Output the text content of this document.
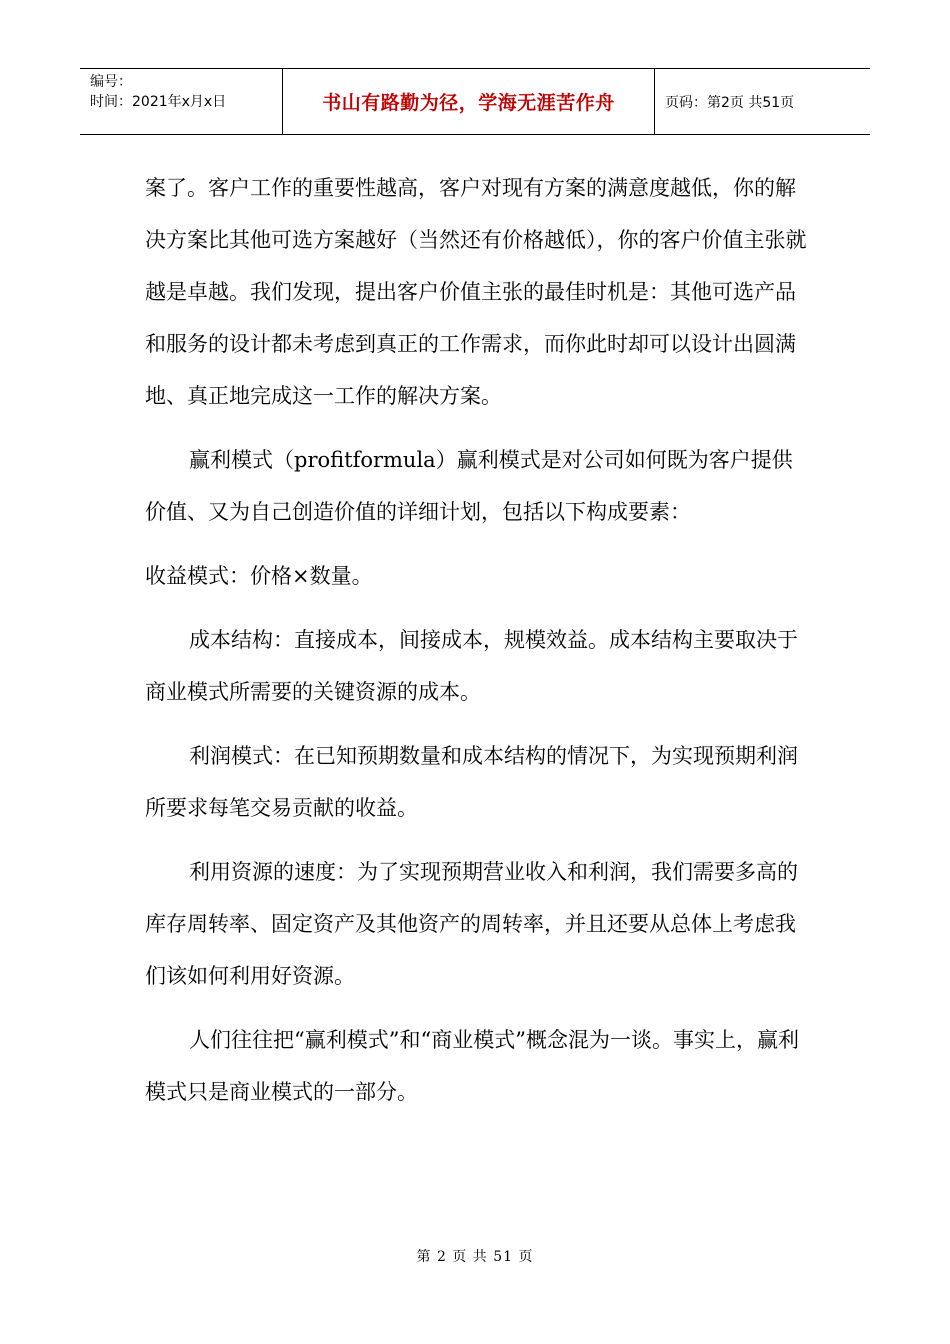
编号：
时间：2021年x月x日	书山有路勤为径，学海无涯苦作舟	页码：第2页 共51页

案了。客户工作的重要性越高，客户对现有方案的满意度越低，你的解决方案比其他可选方案越好（当然还有价格越低），你的客户价值主张就越是卓越。我们发现，提出客户价值主张的最佳时机是：其他可选产品和服务的设计都未考虑到真正的工作需求，而你此时却可以设计出圆满地、真正地完成这一工作的解决方案。

赢利模式（profitformula）赢利模式是对公司如何既为客户提供价值、又为自己创造价值的详细计划，包括以下构成要素：

收益模式：价格×数量。

成本结构：直接成本，间接成本，规模效益。成本结构主要取决于商业模式所需要的关键资源的成本。

利润模式：在已知预期数量和成本结构的情况下，为实现预期利润所要求每笔交易贡献的收益。

利用资源的速度：为了实现预期营业收入和利润，我们需要多高的库存周转率、固定资产及其他资产的周转率，并且还要从总体上考虑我们该如何利用好资源。

人们往往把“赢利模式”和“商业模式”概念混为一谈。事实上，赢利模式只是商业模式的一部分。

第 2 页 共 51 页
